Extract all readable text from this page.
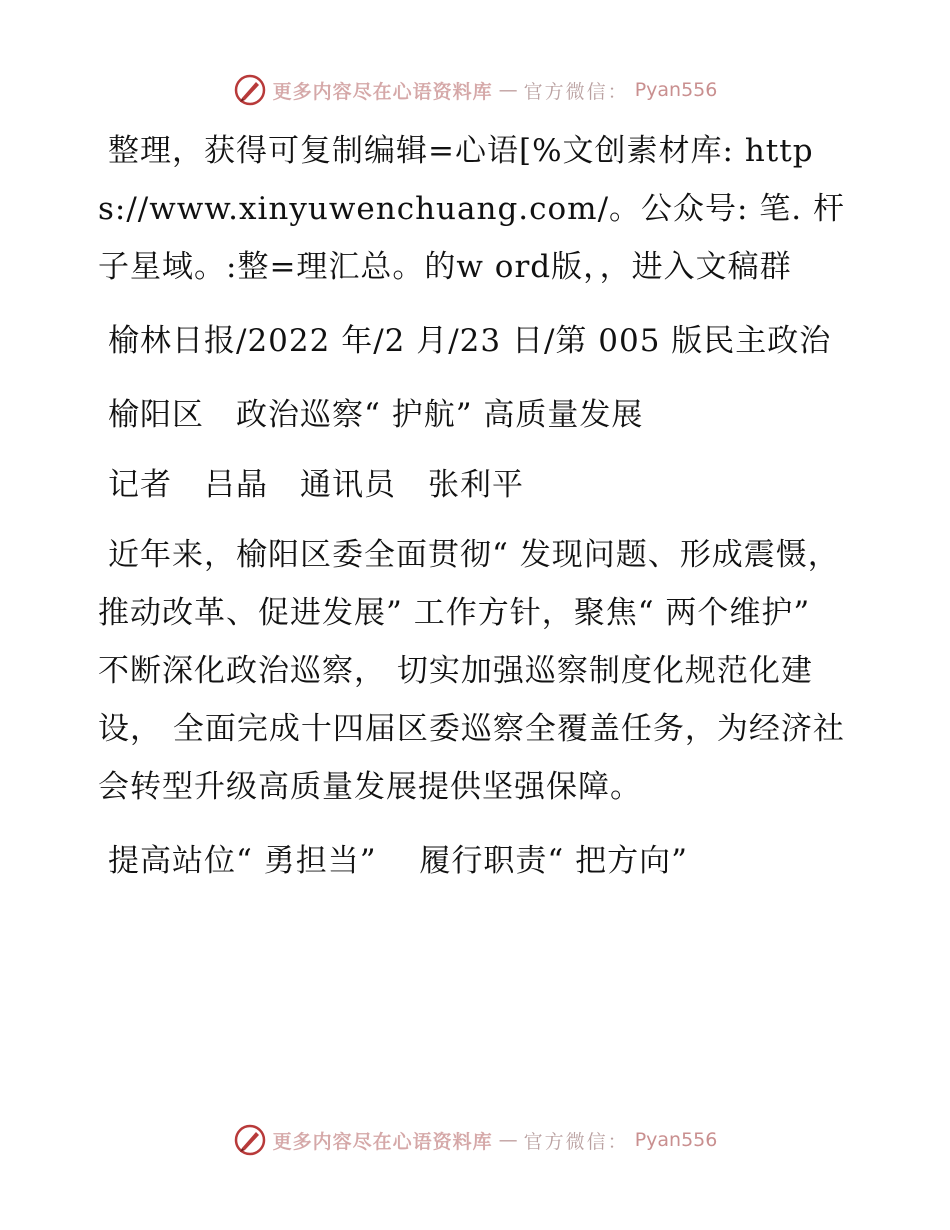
更多内容尽在心语资料库 — 官方微信： Pyan556

整理，获得可复制编辑=心语[%文创素材库: https://www.xinyuwenchuang.com/。公众号: 笔. 杆子星域。:整=理汇总。的w ord版，，进入文稿群

榆林日报/2022 年/2 月/23 日/第 005 版民主政治

榆阳区　政治巡察“ 护航” 高质量发展

记者　吕晶　通讯员　张利平

近年来，榆阳区委全面贯彻“ 发现问题、形成震慑，推动改革、促进发展” 工作方针，聚焦“ 两个维护” 不断深化政治巡察， 切实加强巡察制度化规范化建设， 全面完成十四届区委巡察全覆盖任务，为经济社会转型升级高质量发展提供坚强保障。

提高站位“ 勇担当”　 履行职责“ 把方向”

更多内容尽在心语资料库 — 官方微信： Pyan556
